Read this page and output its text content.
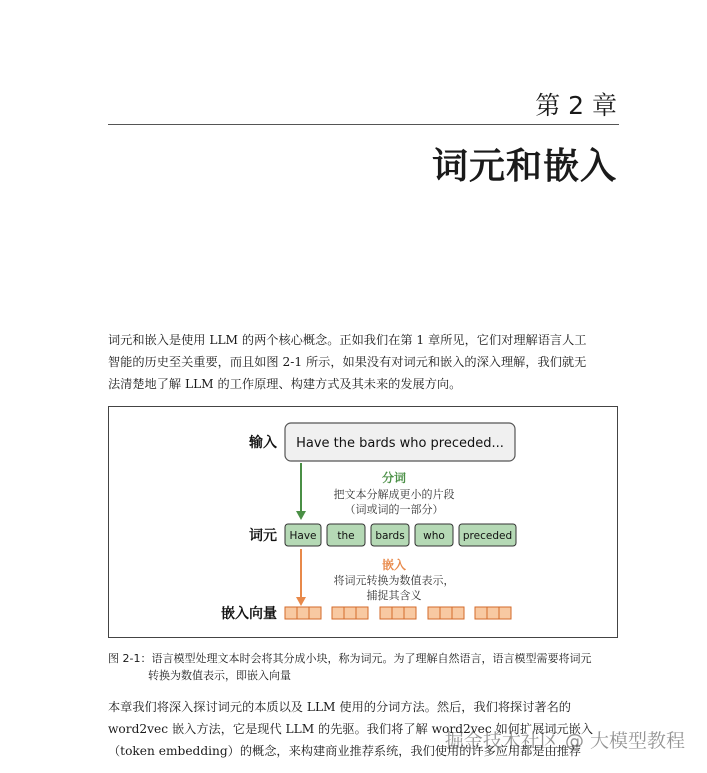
第 2 章
词元和嵌入
词元和嵌入是使用 LLM 的两个核心概念。正如我们在第 1 章所见，它们对理解语言人工
智能的历史至关重要，而且如图 2-1 所示，如果没有对词元和嵌入的深入理解，我们就无
法清楚地了解 LLM 的工作原理、构建方式及其未来的发展方向。
输入 Have the bards who preceded...
分词
把文本分解成更小的片段
（词或词的一部分）
词元 Have the bards who preceded
嵌入
将词元转换为数值表示，
捕捉其含义
嵌入向量
图 2-1：语言模型处理文本时会将其分成小块，称为词元。为了理解自然语言，语言模型需要将词元
转换为数值表示，即嵌入向量
本章我们将深入探讨词元的本质以及 LLM 使用的分词方法。然后，我们将探讨著名的
word2vec 嵌入方法，它是现代 LLM 的先驱。我们将了解 word2vec 如何扩展词元嵌入
（token embedding）的概念，来构建商业推荐系统，我们使用的许多应用都是由推荐
掘金技术社区 @ 大模型教程
